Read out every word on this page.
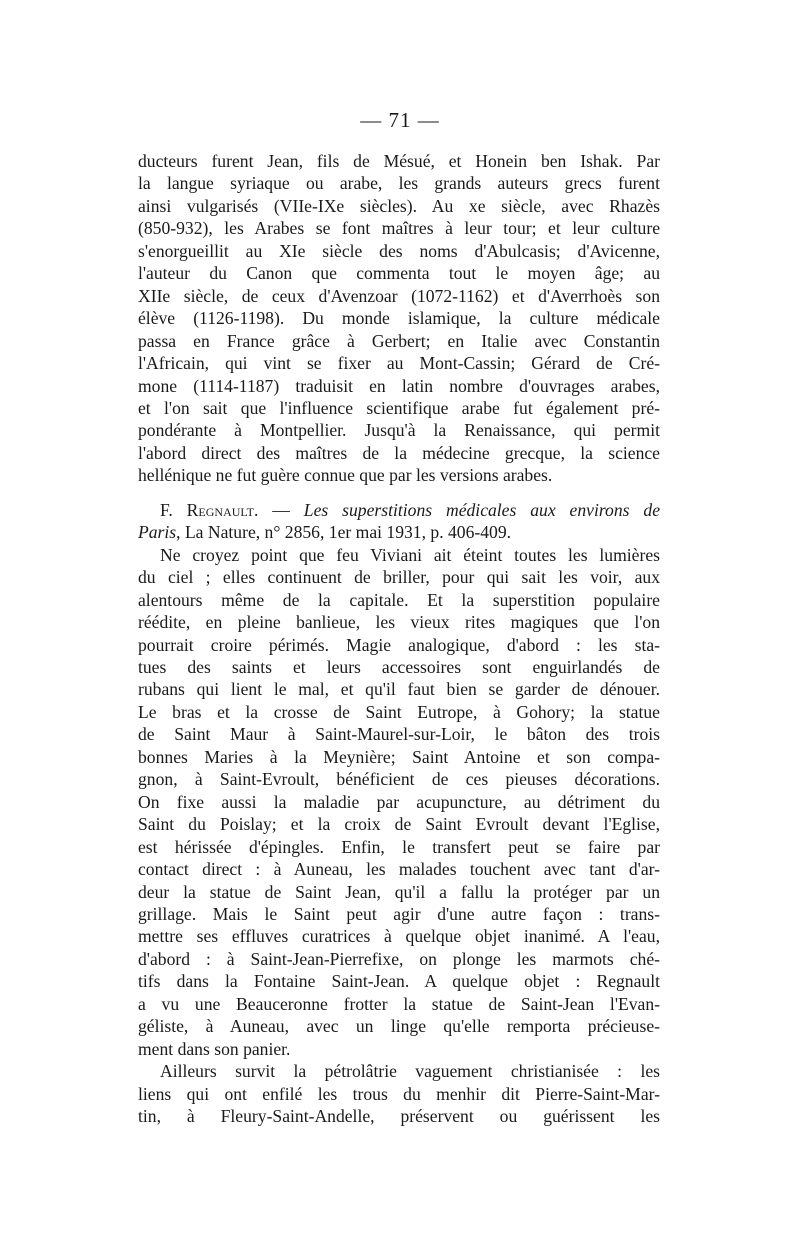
— 71 —
ducteurs furent Jean, fils de Mésué, et Honein ben Ishak. Par
la langue syriaque ou arabe, les grands auteurs grecs furent
ainsi vulgarisés (VIIe-IXe siècles). Au xe siècle, avec Rhazès
(850-932), les Arabes se font maîtres à leur tour; et leur culture
s'enorgueillit au XIe siècle des noms d'Abulcasis; d'Avicenne,
l'auteur du Canon que commenta tout le moyen âge; au
XIIe siècle, de ceux d'Avenzoar (1072-1162) et d'Averrhoès son
élève (1126-1198). Du monde islamique, la culture médicale
passa en France grâce à Gerbert; en Italie avec Constantin
l'Africain, qui vint se fixer au Mont-Cassin; Gérard de Cré-
mone (1114-1187) traduisit en latin nombre d'ouvrages arabes,
et l'on sait que l'influence scientifique arabe fut également pré-
pondérante à Montpellier. Jusqu'à la Renaissance, qui permit
l'abord direct des maîtres de la médecine grecque, la science
hellénique ne fut guère connue que par les versions arabes.
F. Regnault. — Les superstitions médicales aux environs de
Paris, La Nature, n° 2856, 1er mai 1931, p. 406-409.
Ne croyez point que feu Viviani ait éteint toutes les lumières
du ciel ; elles continuent de briller, pour qui sait les voir, aux
alentours même de la capitale. Et la superstition populaire
réédite, en pleine banlieue, les vieux rites magiques que l'on
pourrait croire périmés. Magie analogique, d'abord : les sta-
tues des saints et leurs accessoires sont enguirlandés de
rubans qui lient le mal, et qu'il faut bien se garder de dénouer.
Le bras et la crosse de Saint Eutrope, à Gohory; la statue
de Saint Maur à Saint-Maurel-sur-Loir, le bâton des trois
bonnes Maries à la Meynière; Saint Antoine et son compa-
gnon, à Saint-Evroult, bénéficient de ces pieuses décorations.
On fixe aussi la maladie par acupuncture, au détriment du
Saint du Poislay; et la croix de Saint Evroult devant l'Eglise,
est hérissée d'épingles. Enfin, le transfert peut se faire par
contact direct : à Auneau, les malades touchent avec tant d'ar-
deur la statue de Saint Jean, qu'il a fallu la protéger par un
grillage. Mais le Saint peut agir d'une autre façon : trans-
mettre ses effluves curatrices à quelque objet inanimé. A l'eau,
d'abord : à Saint-Jean-Pierrefixe, on plonge les marmots ché-
tifs dans la Fontaine Saint-Jean. A quelque objet : Regnault
a vu une Beauceronne frotter la statue de Saint-Jean l'Evan-
géliste, à Auneau, avec un linge qu'elle remporta précieuse-
ment dans son panier.
Ailleurs survit la pétrolâtrie vaguement christianisée : les
liens qui ont enfilé les trous du menhir dit Pierre-Saint-Mar-
tin, à Fleury-Saint-Andelle, préservent ou guérissent les
